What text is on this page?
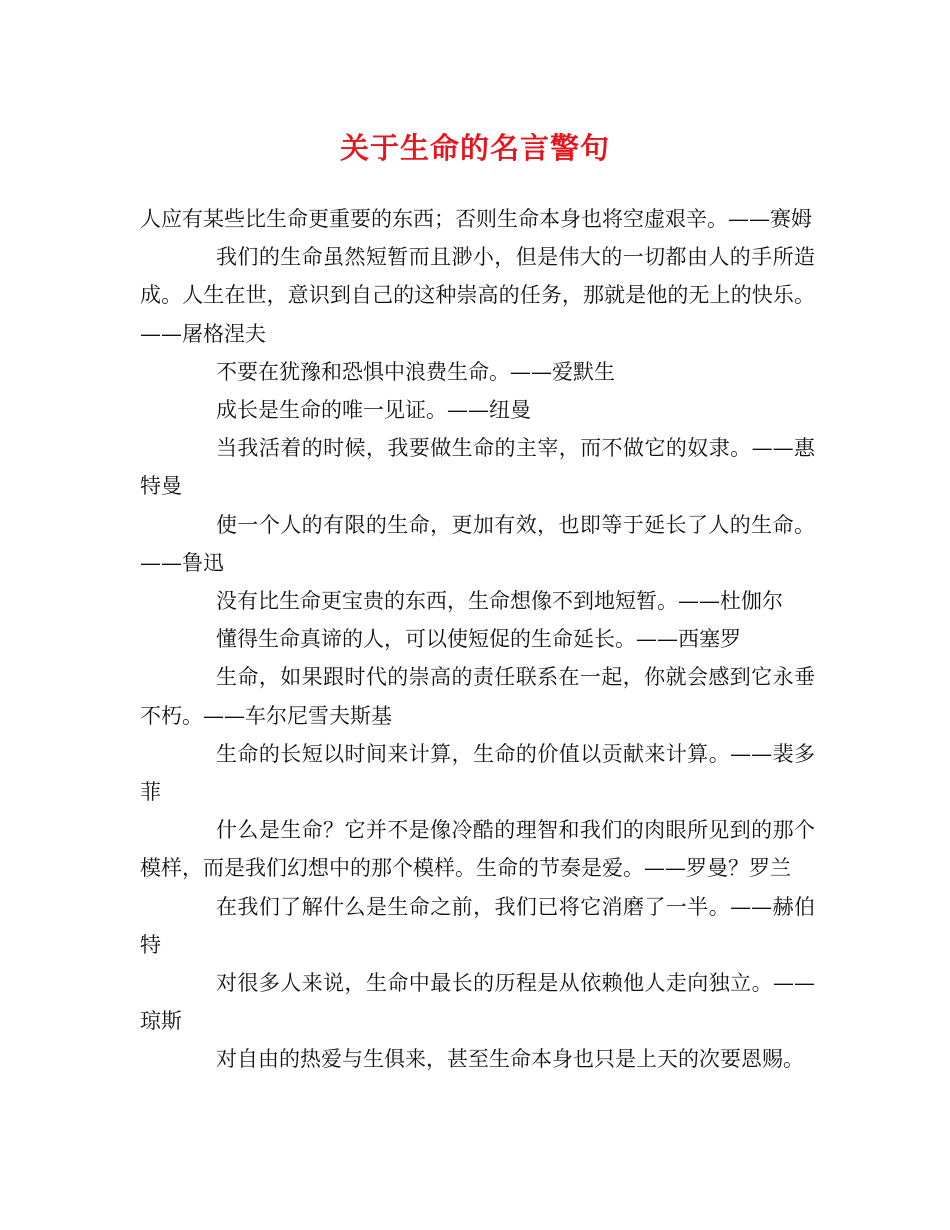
关于生命的名言警句

人应有某些比生命更重要的东西；否则生命本身也将空虚艰辛。——赛姆

我们的生命虽然短暂而且渺小，但是伟大的一切都由人的手所造成。人生在世，意识到自己的这种崇高的任务，那就是他的无上的快乐。——屠格涅夫

不要在犹豫和恐惧中浪费生命。——爱默生

成长是生命的唯一见证。——纽曼

当我活着的时候，我要做生命的主宰，而不做它的奴隶。——惠特曼

使一个人的有限的生命，更加有效，也即等于延长了人的生命。——鲁迅

没有比生命更宝贵的东西，生命想像不到地短暂。——杜伽尔

懂得生命真谛的人，可以使短促的生命延长。——西塞罗

生命，如果跟时代的崇高的责任联系在一起，你就会感到它永垂不朽。——车尔尼雪夫斯基

生命的长短以时间来计算，生命的价值以贡献来计算。——裴多菲

什么是生命？它并不是像冷酷的理智和我们的肉眼所见到的那个模样，而是我们幻想中的那个模样。生命的节奏是爱。——罗曼？罗兰

在我们了解什么是生命之前，我们已将它消磨了一半。——赫伯特

对很多人来说，生命中最长的历程是从依赖他人走向独立。——琼斯

对自由的热爱与生俱来，甚至生命本身也只是上天的次要恩赐。
